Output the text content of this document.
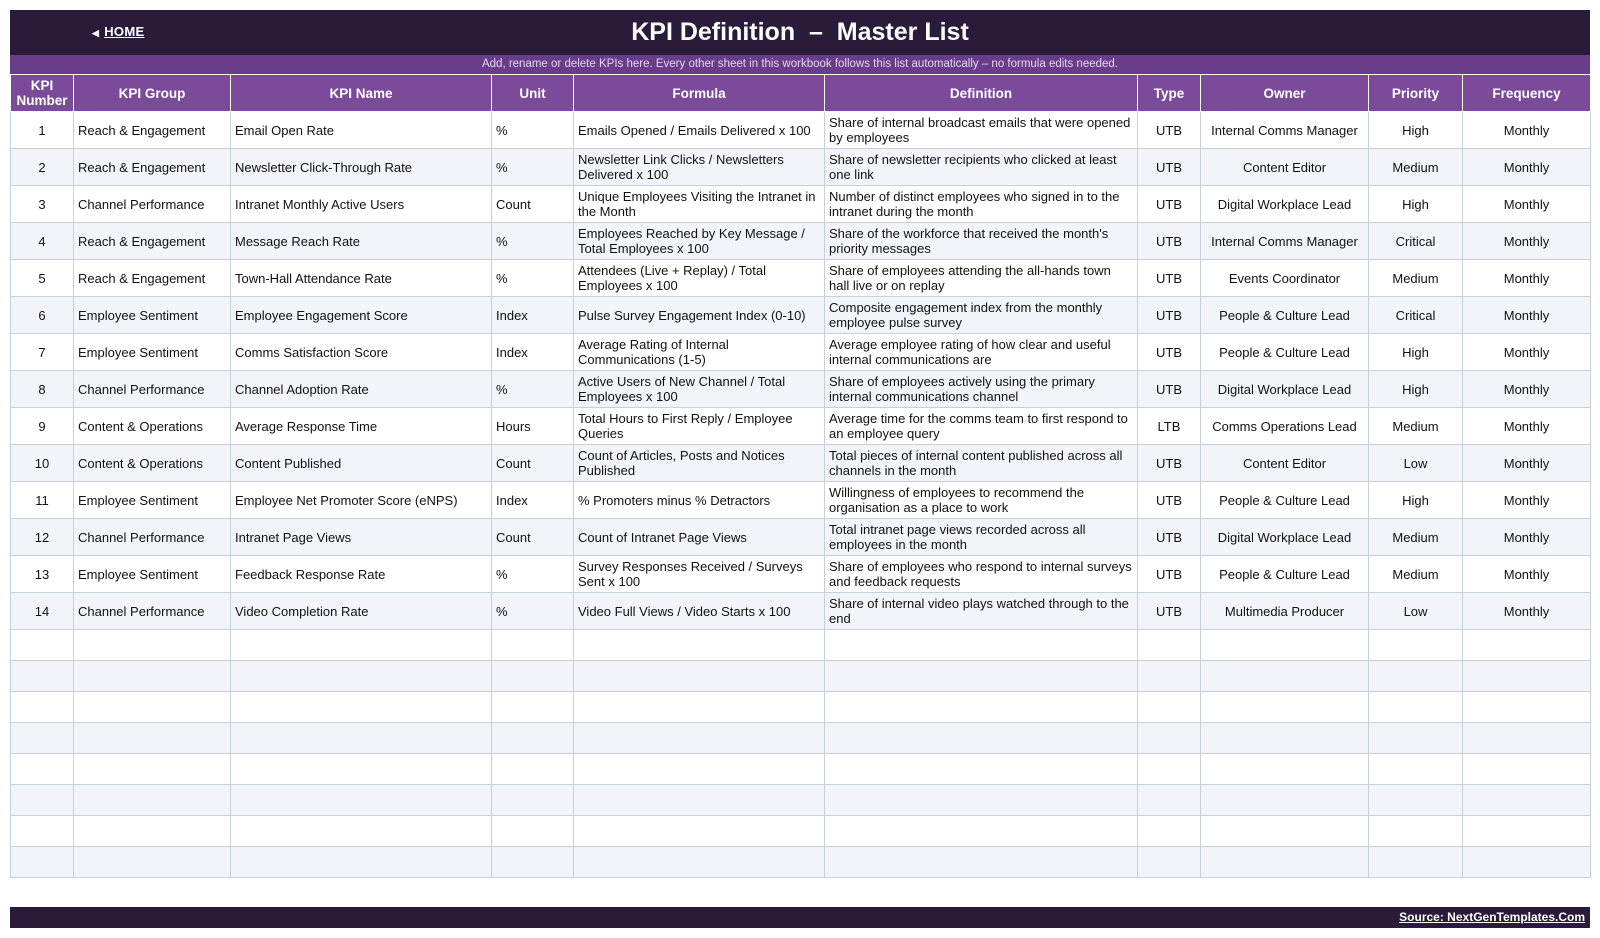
◀ HOME	KPI Definition  –  Master List
Add, rename or delete KPIs here. Every other sheet in this workbook follows this list automatically – no formula edits needed.
KPI Number	KPI Group	KPI Name	Unit	Formula	Definition	Type	Owner	Priority	Frequency
1	Reach & Engagement	Email Open Rate	%	Emails Opened / Emails Delivered x 100	Share of internal broadcast emails that were opened by employees	UTB	Internal Comms Manager	High	Monthly
2	Reach & Engagement	Newsletter Click-Through Rate	%	Newsletter Link Clicks / Newsletters Delivered x 100	Share of newsletter recipients who clicked at least one link	UTB	Content Editor	Medium	Monthly
3	Channel Performance	Intranet Monthly Active Users	Count	Unique Employees Visiting the Intranet in the Month	Number of distinct employees who signed in to the intranet during the month	UTB	Digital Workplace Lead	High	Monthly
4	Reach & Engagement	Message Reach Rate	%	Employees Reached by Key Message / Total Employees x 100	Share of the workforce that received the month's priority messages	UTB	Internal Comms Manager	Critical	Monthly
5	Reach & Engagement	Town-Hall Attendance Rate	%	Attendees (Live + Replay) / Total Employees x 100	Share of employees attending the all-hands town hall live or on replay	UTB	Events Coordinator	Medium	Monthly
6	Employee Sentiment	Employee Engagement Score	Index	Pulse Survey Engagement Index (0-10)	Composite engagement index from the monthly employee pulse survey	UTB	People & Culture Lead	Critical	Monthly
7	Employee Sentiment	Comms Satisfaction Score	Index	Average Rating of Internal Communications (1-5)	Average employee rating of how clear and useful internal communications are	UTB	People & Culture Lead	High	Monthly
8	Channel Performance	Channel Adoption Rate	%	Active Users of New Channel / Total Employees x 100	Share of employees actively using the primary internal communications channel	UTB	Digital Workplace Lead	High	Monthly
9	Content & Operations	Average Response Time	Hours	Total Hours to First Reply / Employee Queries	Average time for the comms team to first respond to an employee query	LTB	Comms Operations Lead	Medium	Monthly
10	Content & Operations	Content Published	Count	Count of Articles, Posts and Notices Published	Total pieces of internal content published across all channels in the month	UTB	Content Editor	Low	Monthly
11	Employee Sentiment	Employee Net Promoter Score (eNPS)	Index	% Promoters minus % Detractors	Willingness of employees to recommend the organisation as a place to work	UTB	People & Culture Lead	High	Monthly
12	Channel Performance	Intranet Page Views	Count	Count of Intranet Page Views	Total intranet page views recorded across all employees in the month	UTB	Digital Workplace Lead	Medium	Monthly
13	Employee Sentiment	Feedback Response Rate	%	Survey Responses Received / Surveys Sent x 100	Share of employees who respond to internal surveys and feedback requests	UTB	People & Culture Lead	Medium	Monthly
14	Channel Performance	Video Completion Rate	%	Video Full Views / Video Starts x 100	Share of internal video plays watched through to the end	UTB	Multimedia Producer	Low	Monthly

Source: NextGenTemplates.Com
